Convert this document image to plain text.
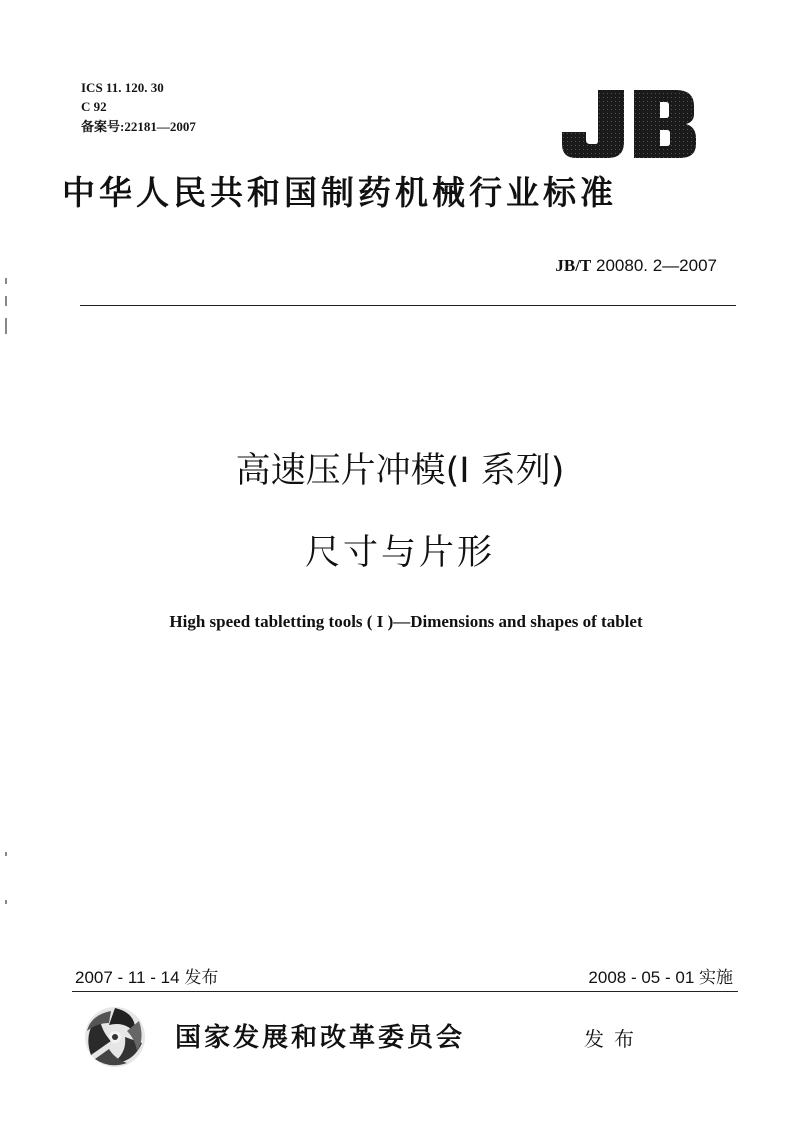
ICS 11. 120. 30
C 92
备案号:22181—2007
中华人民共和国制药机械行业标准
JB/T 20080. 2—2007
高速压片冲模(I 系列)
尺寸与片形
High speed tabletting tools ( I )—Dimensions and shapes of tablet
2007 - 11 - 14 发布	2008 - 05 - 01 实施
国家发展和改革委员会	发布
